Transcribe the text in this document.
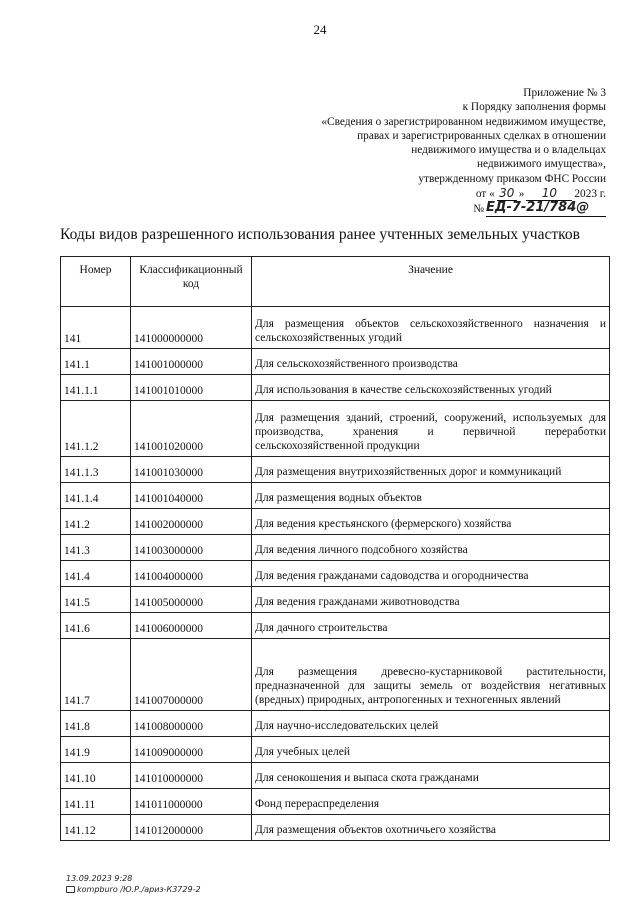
24
Приложение № 3
к Порядку заполнения формы
«Сведения о зарегистрированном недвижимом имуществе,
правах и зарегистрированных сделках в отношении
недвижимого имущества и о владельцах
недвижимого имущества»,
утвержденному приказом ФНС России
от « 30 »	10	2023 г.
№ ЕД-7-21/784@
Коды видов разрешенного использования ранее учтенных земельных участков
Номер	Классификационный код	Значение
141	141000000000	Для размещения объектов сельскохозяйственного назначения и сельскохозяйственных угодий
141.1	141001000000	Для сельскохозяйственного производства
141.1.1	141001010000	Для использования в качестве сельскохозяйственных угодий
141.1.2	141001020000	Для размещения зданий, строений, сооружений, используемых для производства, хранения и первичной переработки сельскохозяйственной продукции
141.1.3	141001030000	Для размещения внутрихозяйственных дорог и коммуникаций
141.1.4	141001040000	Для размещения водных объектов
141.2	141002000000	Для ведения крестьянского (фермерского) хозяйства
141.3	141003000000	Для ведения личного подсобного хозяйства
141.4	141004000000	Для ведения гражданами садоводства и огородничества
141.5	141005000000	Для ведения гражданами животноводства
141.6	141006000000	Для дачного строительства
141.7	141007000000	Для размещения древесно-кустарниковой растительности, предназначенной для защиты земель от воздействия негативных (вредных) природных, антропогенных и техногенных явлений
141.8	141008000000	Для научно-исследовательских целей
141.9	141009000000	Для учебных целей
141.10	141010000000	Для сенокошения и выпаса скота гражданами
141.11	141011000000	Фонд перераспределения
141.12	141012000000	Для размещения объектов охотничьего хозяйства
13.09.2023 9:28
kompburo /Ю.Р./ариз-К3729-2
